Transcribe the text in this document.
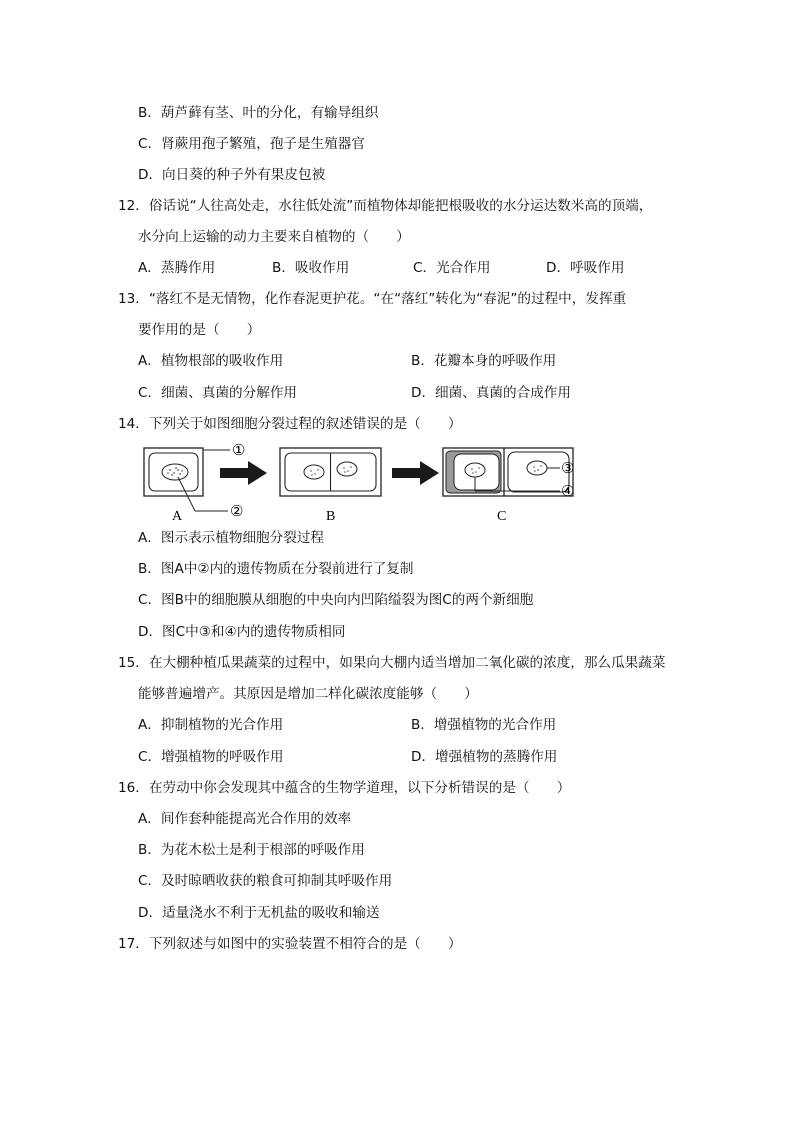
B．葫芦藓有茎、叶的分化，有输导组织
C．肾蕨用孢子繁殖，孢子是生殖器官
D．向日葵的种子外有果皮包被
12．俗话说“人往高处走，水往低处流”而植物体却能把根吸收的水分运达数米高的顶端，
水分向上运输的动力主要来自植物的（　　）
A．蒸腾作用	B．吸收作用	C．光合作用	D．呼吸作用
13．“落红不是无情物，化作春泥更护花。“在“落红”转化为“春泥”的过程中，发挥重
要作用的是（　　）
A．植物根部的吸收作用	B．花瓣本身的呼吸作用
C．细菌、真菌的分解作用	D．细菌、真菌的合成作用
14．下列关于如图细胞分裂过程的叙述错误的是（　　）
①
②
A	B
③
④
C
A．图示表示植物细胞分裂过程
B．图A中②内的遗传物质在分裂前进行了复制
C．图B中的细胞膜从细胞的中央向内凹陷缢裂为图C的两个新细胞
D．图C中③和④内的遗传物质相同
15．在大棚种植瓜果蔬菜的过程中，如果向大棚内适当增加二氧化碳的浓度，那么瓜果蔬菜
能够普遍增产。其原因是增加二样化碳浓度能够（　　）
A．抑制植物的光合作用	B．增强植物的光合作用
C．增强植物的呼吸作用	D．增强植物的蒸腾作用
16．在劳动中你会发现其中蕴含的生物学道理，以下分析错误的是（　　）
A．间作套种能提高光合作用的效率
B．为花木松土是利于根部的呼吸作用
C．及时晾晒收获的粮食可抑制其呼吸作用
D．适量浇水不利于无机盐的吸收和输送
17．下列叙述与如图中的实验装置不相符合的是（　　）
